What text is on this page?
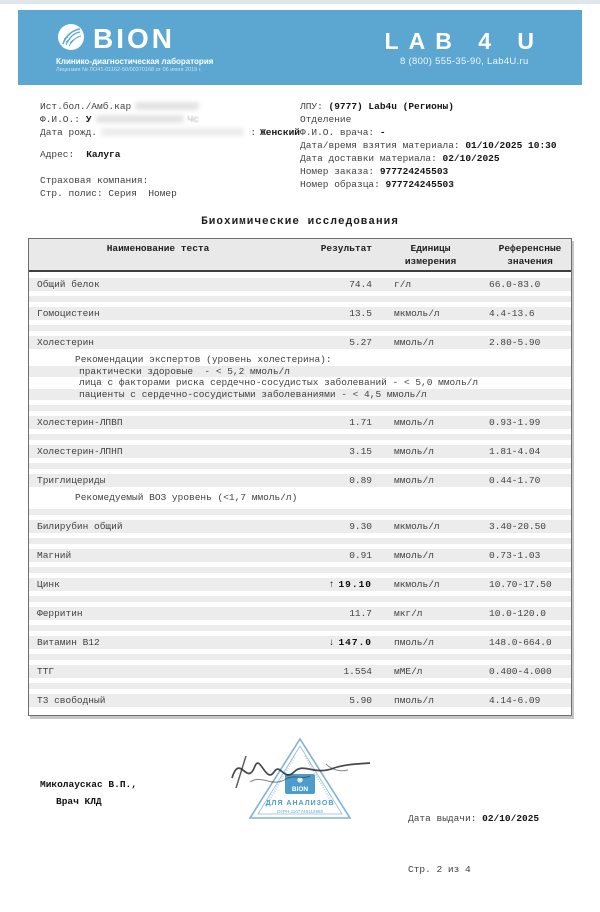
BION
Клинико-диагностическая лаборатория
Лицензия № ЛО41-01162-50/00370168 от 06 июня 2019 г.
LAB 4 U
8 (800) 555-35-90, Lab4U.ru
Ист.бол./Амб.кар
Ф.И.О.: У	Чс
Дата рожд.	: Женский
Адрес: Калуга
Страховая компания:
Стр. полис: Серия  Номер
ЛПУ: (9777) Lab4u (Регионы)
Отделение
Ф.И.О. врача: -
Дата/время взятия материала: 01/10/2025 10:30
Дата доставки материала: 02/10/2025
Номер заказа: 977724245503
Номер образца: 977724245503
Биохимические исследования
Наименование теста	Результат	Единицы	Референсные
измерения	значения
Общий белок	74.4	г/л	66.0-83.0
Гомоцистеин	13.5	мкмоль/л	4.4-13.6
Холестерин	5.27	ммоль/л	2.80-5.90
Рекомендации экспертов (уровень холестерина):
практически здоровые  - < 5,2 ммоль/л
лица с факторами риска сердечно-сосудистых заболеваний - < 5,0 ммоль/л
пациенты с сердечно-сосудистыми заболеваниями - < 4,5 ммоль/л
Холестерин-ЛПВП	1.71	ммоль/л	0.93-1.99
Холестерин-ЛПНП	3.15	ммоль/л	1.81-4.04
Триглицериды	0.89	ммоль/л	0.44-1.70
Рекомедуемый ВОЗ уровень (<1,7 ммоль/л)
Билирубин общий	9.30	мкмоль/л	3.40-20.50
Магний	0.91	ммоль/л	0.73-1.03
Цинк	↑ 19.10	мкмоль/л	10.70-17.50
Ферритин	11.7	мкг/л	10.0-120.0
Витамин B12	↓ 147.0	пмоль/л	148.0-664.0
ТТГ	1.554	мМЕ/л	0.400-4.000
Т3 свободный	5.90	пмоль/л	4.14-6.09
Миколаускас В.П.,
Врач КЛД
BION
ДЛЯ АНАЛИЗОВ
ОГРН 1107748112880

Дата выдачи: 02/10/2025

Стр. 2 из 4
